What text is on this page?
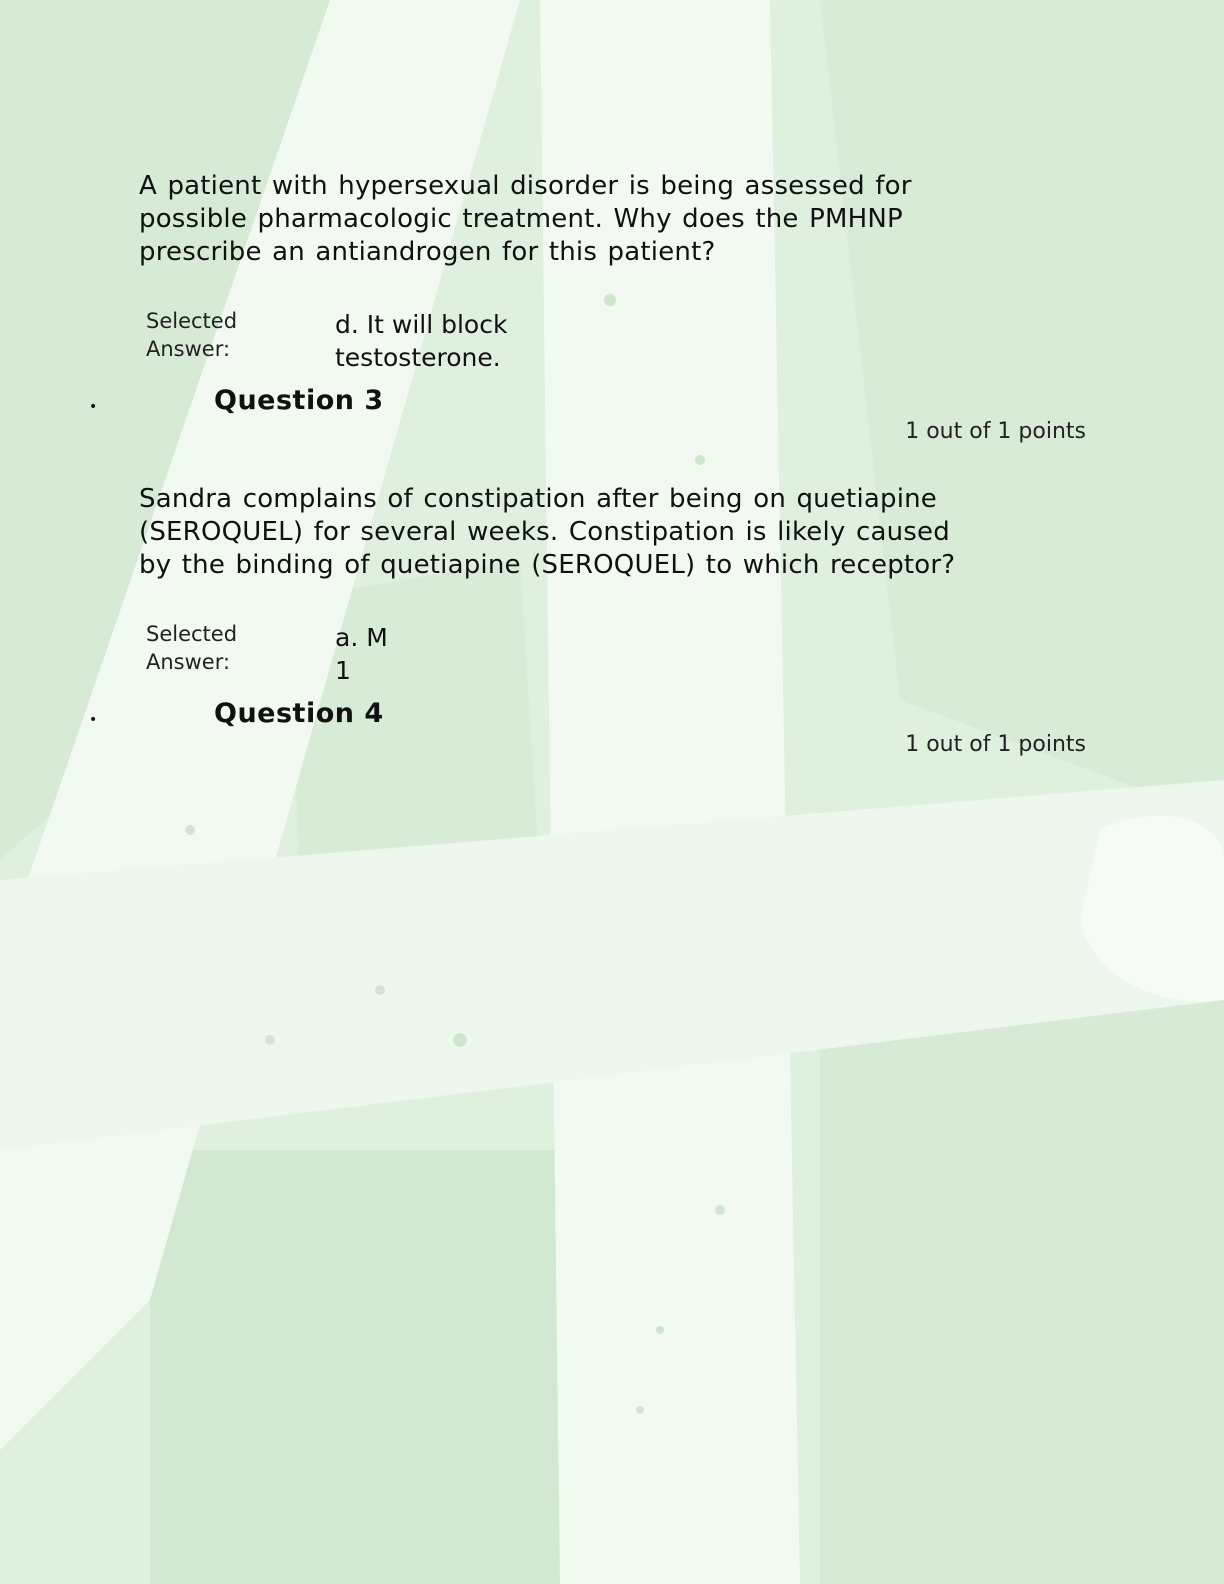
A patient with hypersexual disorder is being assessed for
possible pharmacologic treatment. Why does the PMHNP
prescribe an antiandrogen for this patient?
Selected
Answer:
d. It will block
testosterone.
•	Question 3
1 out of 1 points
Sandra complains of constipation after being on quetiapine
(SEROQUEL) for several weeks. Constipation is likely caused
by the binding of quetiapine (SEROQUEL) to which receptor?
Selected
Answer:
a. M
1
•	Question 4
1 out of 1 points
